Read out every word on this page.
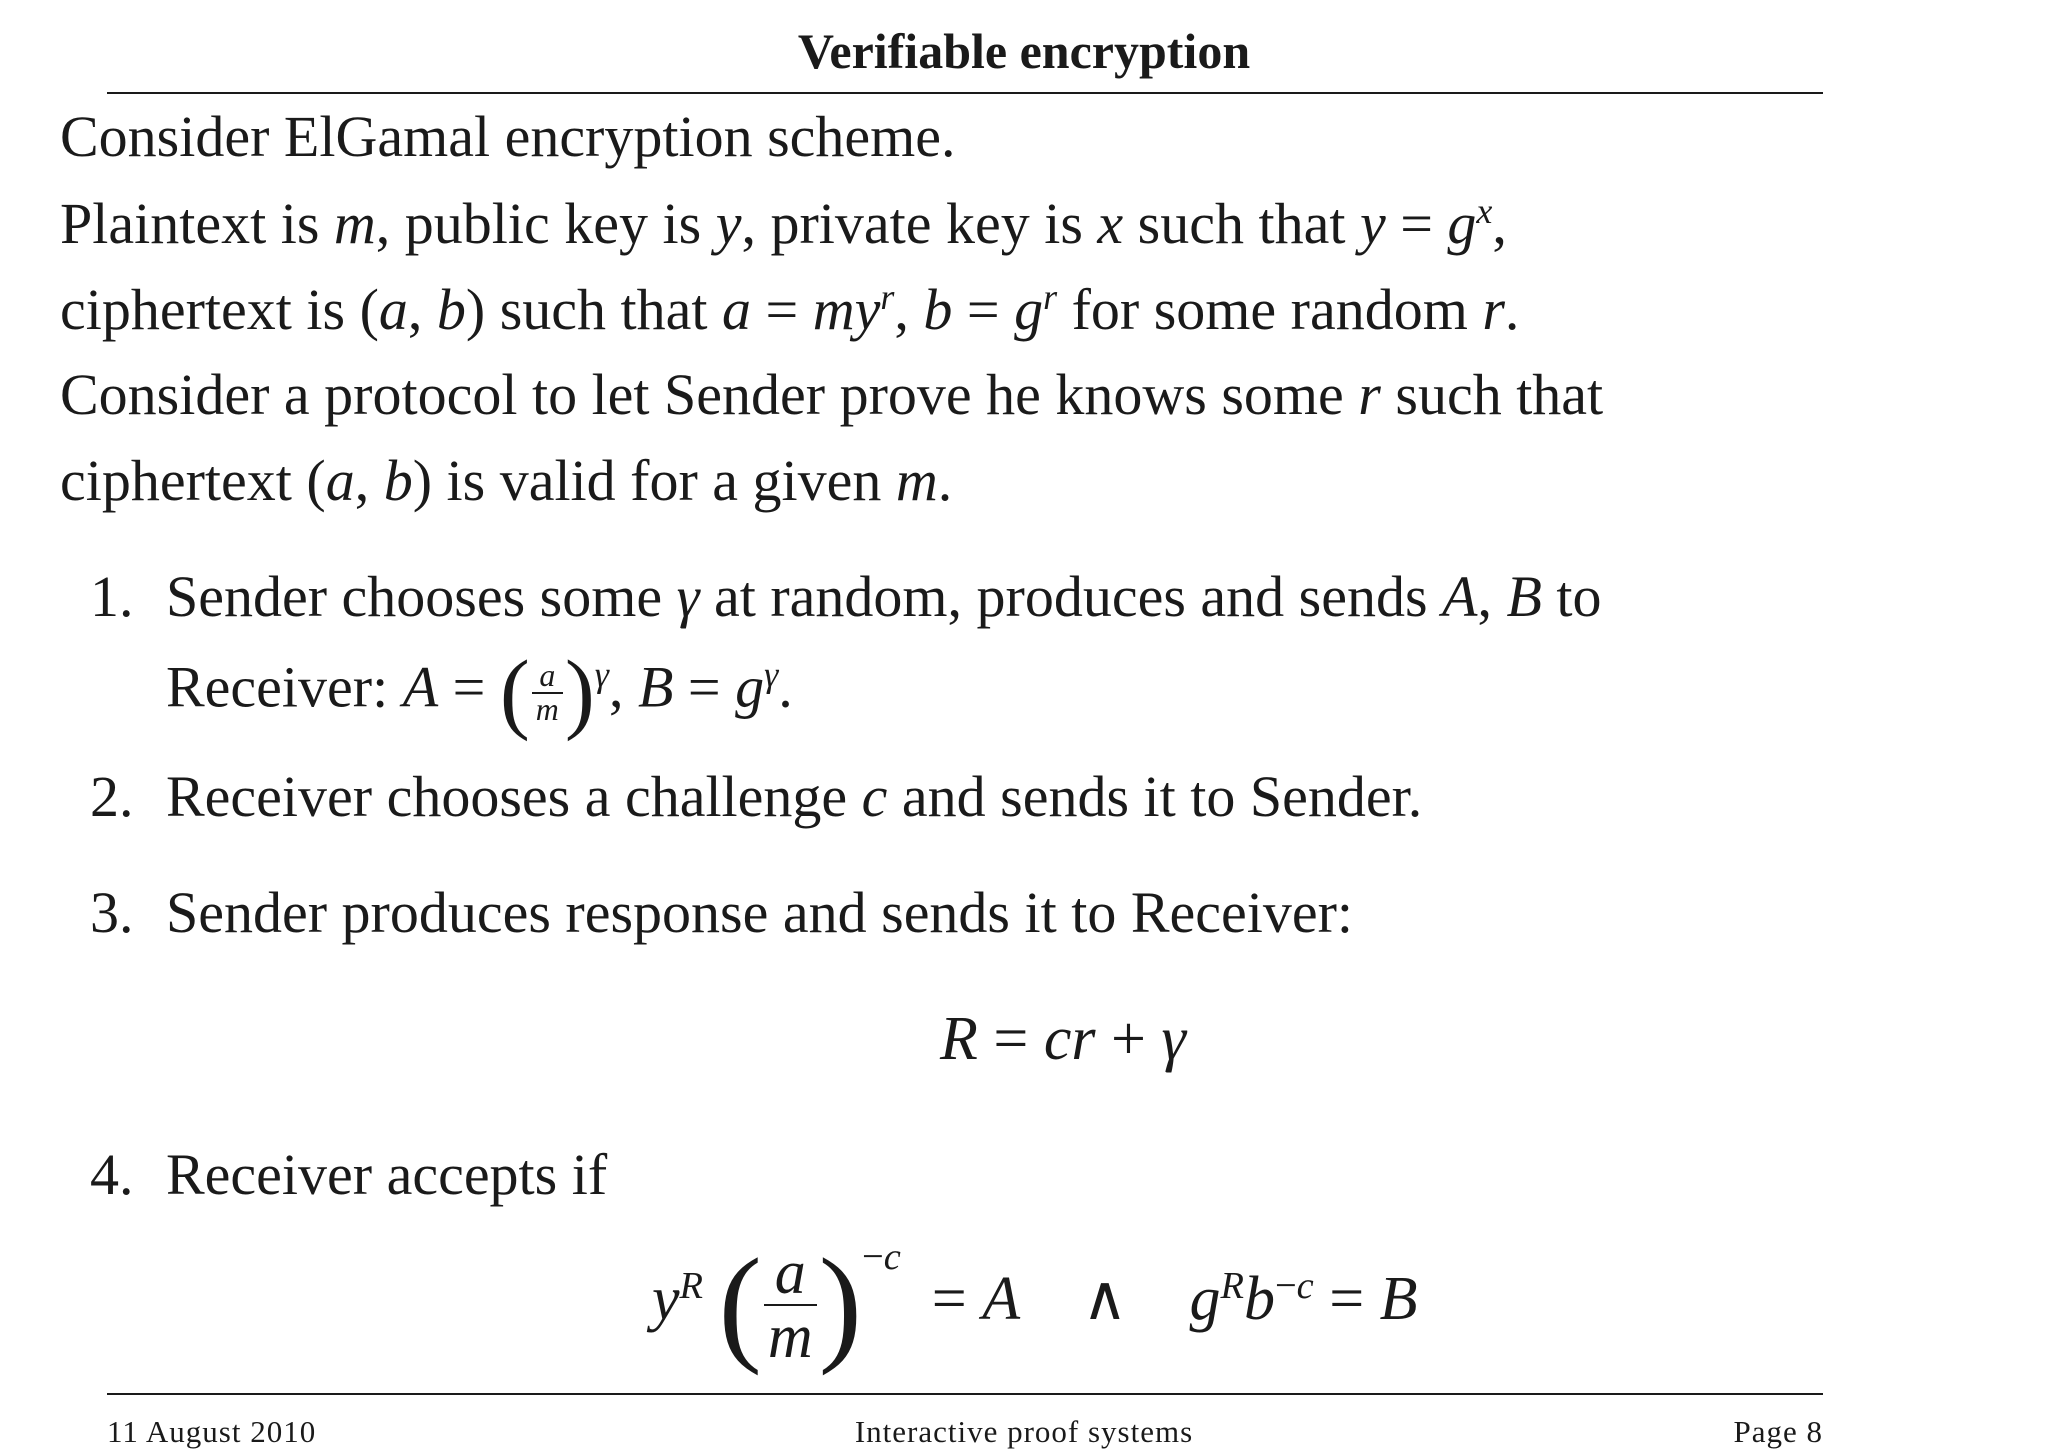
Verifiable encryption
Consider ElGamal encryption scheme.
Plaintext is m, public key is y, private key is x such that $y = g^x$,
ciphertext is (a, b) such that $a = my^r$, $b = g^r$ for some random r.
Consider a protocol to let Sender prove he knows some r such that
ciphertext (a, b) is valid for a given m.
1. Sender chooses some γ at random, produces and sends A, B to
Receiver: A = ( $\frac{a}{m} )^\gamma$, $B = g^\gamma$.
2. Receiver chooses a challenge c and sends it to Sender.
3. Sender produces response and sends it to Receiver:
R = cr + γ
4. Receiver accepts if
$y^R$ ( $\frac{a}{m} )^{-c} = A$    ∧    $g^Rb^{-c} = B$
11 August 2010	Interactive proof systems	Page 8
